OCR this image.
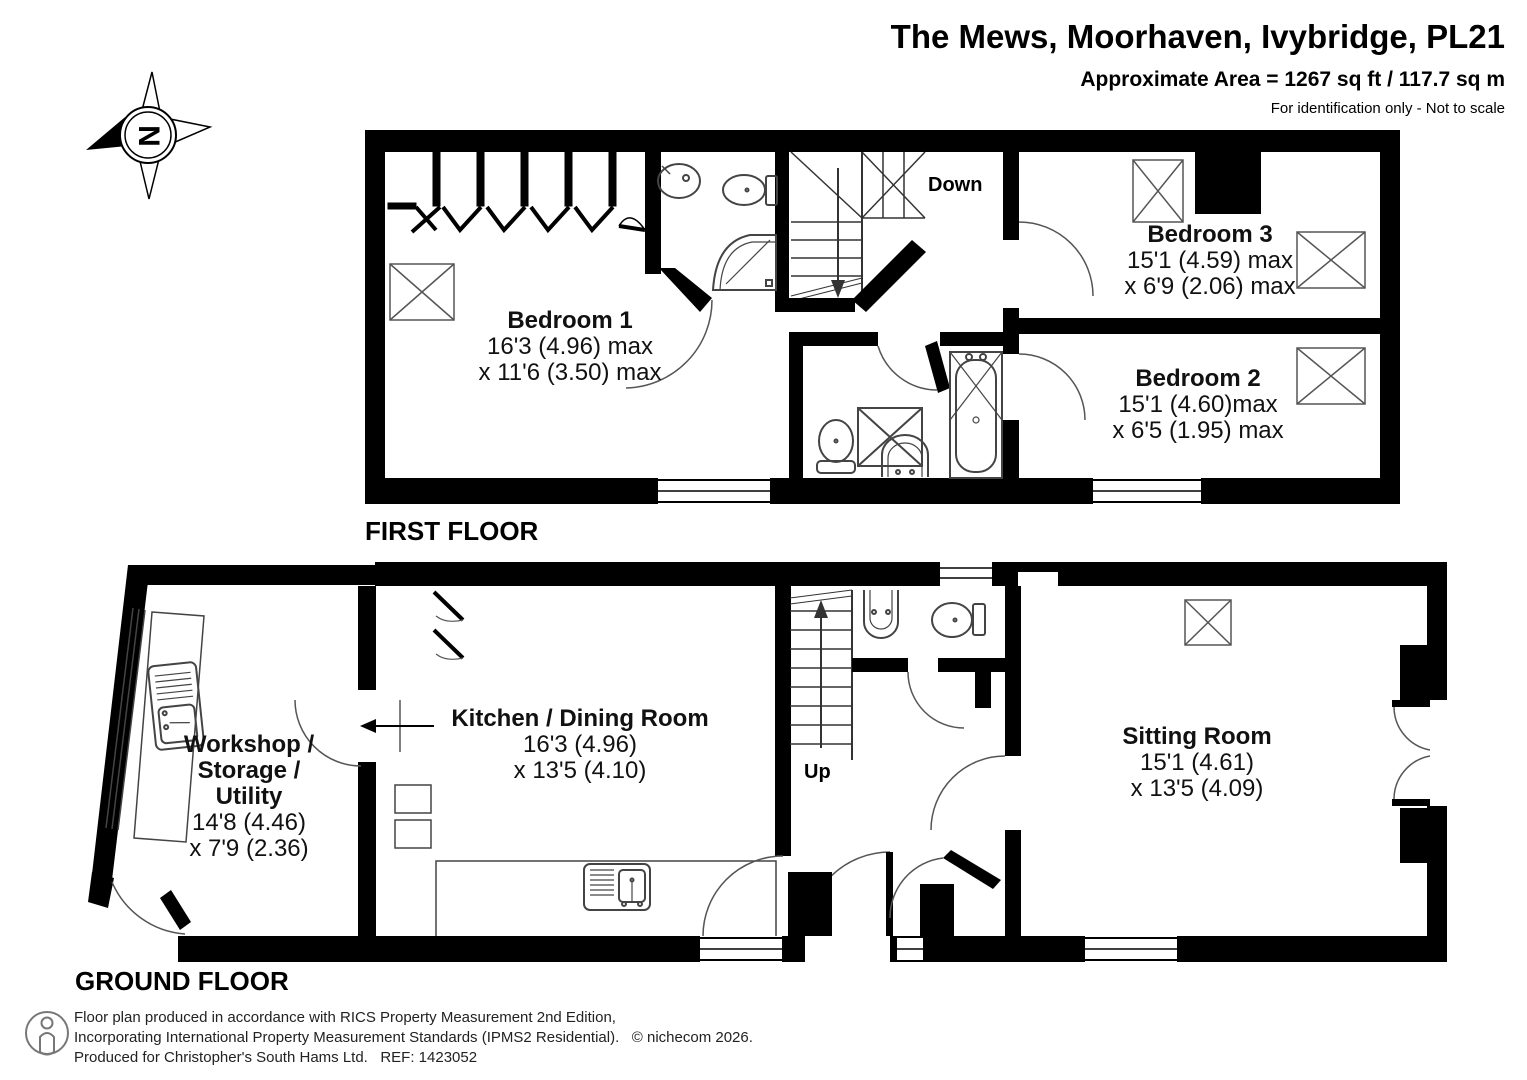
The Mews, Moorhaven, Ivybridge, PL21
Approximate Area = 1267 sq ft / 117.7 sq m
For identification only - Not to scale
N
Down
Bedroom 1
16'3 (4.96) max
x 11'6 (3.50) max
Bedroom 3
15'1 (4.59) max
x 6'9 (2.06) max
Bedroom 2
15'1 (4.60)max
x 6'5 (1.95) max
FIRST FLOOR
Workshop /
Storage /
Utility
14'8 (4.46)
x 7'9 (2.36)
Kitchen / Dining Room
16'3 (4.96)
x 13'5 (4.10)	Up
Sitting Room
15'1 (4.61)
x 13'5 (4.09)
GROUND FLOOR
Floor plan produced in accordance with RICS Property Measurement 2nd Edition,
Incorporating International Property Measurement Standards (IPMS2 Residential).   © nichecom 2026.
Produced for Christopher's South Hams Ltd.   REF: 1423052
